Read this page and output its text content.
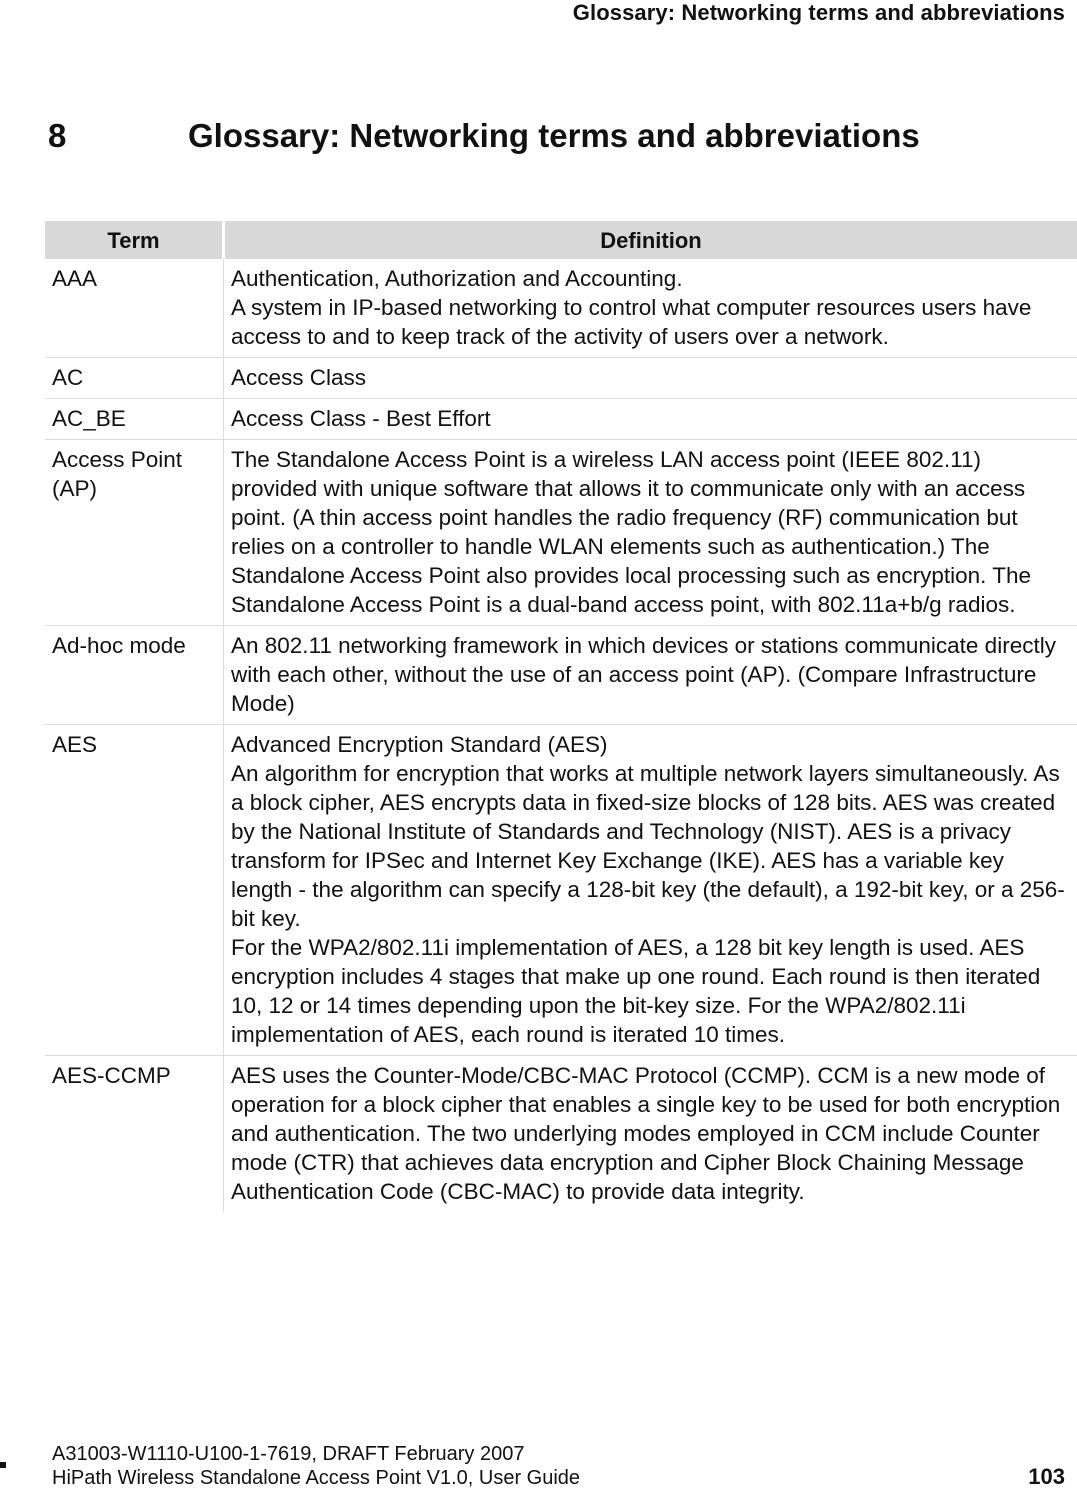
Glossary: Networking terms and abbreviations
8	Glossary: Networking terms and abbreviations
Term	Definition
AAA	Authentication, Authorization and Accounting.
A system in IP-based networking to control what computer resources users have access to and to keep track of the activity of users over a network.

AC	Access Class

AC_BE	Access Class - Best Effort

Access Point (AP)	The Standalone Access Point is a wireless LAN access point (IEEE 802.11) provided with unique software that allows it to communicate only with an access point. (A thin access point handles the radio frequency (RF) communication but relies on a controller to handle WLAN elements such as authentication.) The Standalone Access Point also provides local processing such as encryption. The Standalone Access Point is a dual-band access point, with 802.11a+b/g radios.

Ad-hoc mode	An 802.11 networking framework in which devices or stations communicate directly with each other, without the use of an access point (AP). (Compare Infrastructure Mode)

AES	Advanced Encryption Standard (AES)
An algorithm for encryption that works at multiple network layers simultaneously. As a block cipher, AES encrypts data in fixed-size blocks of 128 bits. AES was created by the National Institute of Standards and Technology (NIST). AES is a privacy transform for IPSec and Internet Key Exchange (IKE). AES has a variable key length - the algorithm can specify a 128-bit key (the default), a 192-bit key, or a 256-bit key.
For the WPA2/802.11i implementation of AES, a 128 bit key length is used. AES encryption includes 4 stages that make up one round. Each round is then iterated 10, 12 or 14 times depending upon the bit-key size. For the WPA2/802.11i implementation of AES, each round is iterated 10 times.

AES-CCMP	AES uses the Counter-Mode/CBC-MAC Protocol (CCMP). CCM is a new mode of operation for a block cipher that enables a single key to be used for both encryption and authentication. The two underlying modes employed in CCM include Counter mode (CTR) that achieves data encryption and Cipher Block Chaining Message Authentication Code (CBC-MAC) to provide data integrity.
A31003-W1110-U100-1-7619, DRAFT February 2007
HiPath Wireless Standalone Access Point V1.0, User Guide	103
